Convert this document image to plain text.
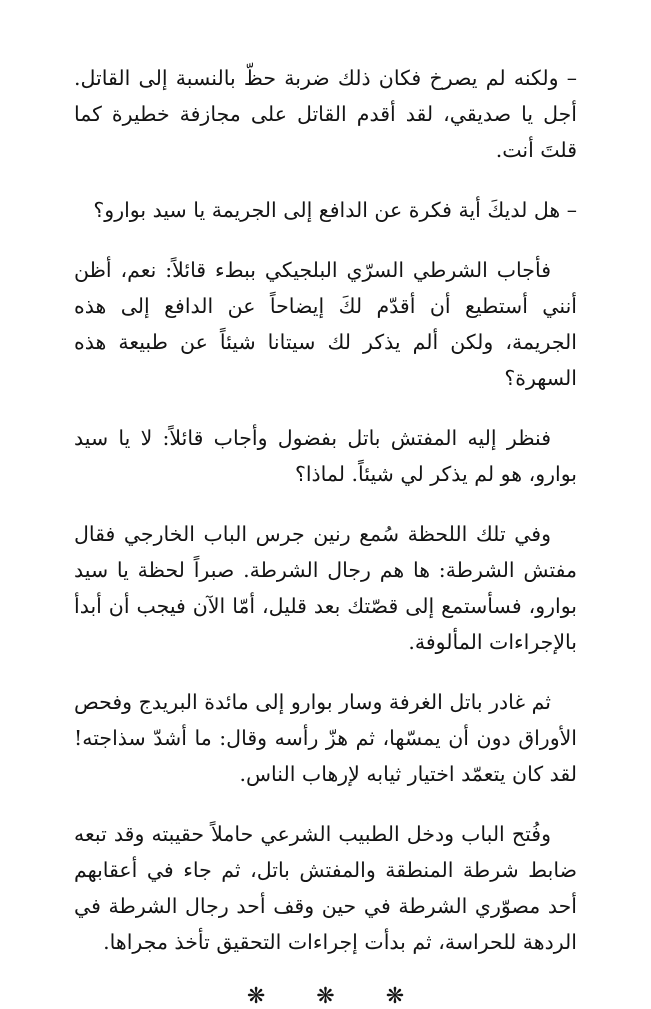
– ولكنه لم يصرخ فكان ذلك ضربة حظّ بالنسبة إلى القاتل. أجل يا صديقي، لقد أقدم القاتل على مجازفة خطيرة كما قلتَ أنت.

– هل لديكَ أية فكرة عن الدافع إلى الجريمة يا سيد بوارو؟

فأجاب الشرطي السرّي البلجيكي ببطء قائلاً: نعم، أظن أنني أستطيع أن أقدّم لكَ إيضاحاً عن الدافع إلى هذه الجريمة، ولكن ألم يذكر لك سيتانا شيئاً عن طبيعة هذه السهرة؟

فنظر إليه المفتش باتل بفضول وأجاب قائلاً: لا يا سيد بوارو، هو لم يذكر لي شيئاً. لماذا؟

وفي تلك اللحظة سُمع رنين جرس الباب الخارجي فقال مفتش الشرطة: ها هم رجال الشرطة. صبراً لحظة يا سيد بوارو، فسأستمع إلى قصّتك بعد قليل، أمّا الآن فيجب أن أبدأ بالإجراءات المألوفة.

ثم غادر باتل الغرفة وسار بوارو إلى مائدة البريدج وفحص الأوراق دون أن يمسّها، ثم هزّ رأسه وقال: ما أشدّ سذاجته! لقد كان يتعمّد اختيار ثيابه لإرهاب الناس.

وفُتح الباب ودخل الطبيب الشرعي حاملاً حقيبته وقد تبعه ضابط شرطة المنطقة والمفتش باتل، ثم جاء في أعقابهم أحد مصوّري الشرطة في حين وقف أحد رجال الشرطة في الردهة للحراسة، ثم بدأت إجراءات التحقيق تأخذ مجراها.

❋ ❋ ❋
